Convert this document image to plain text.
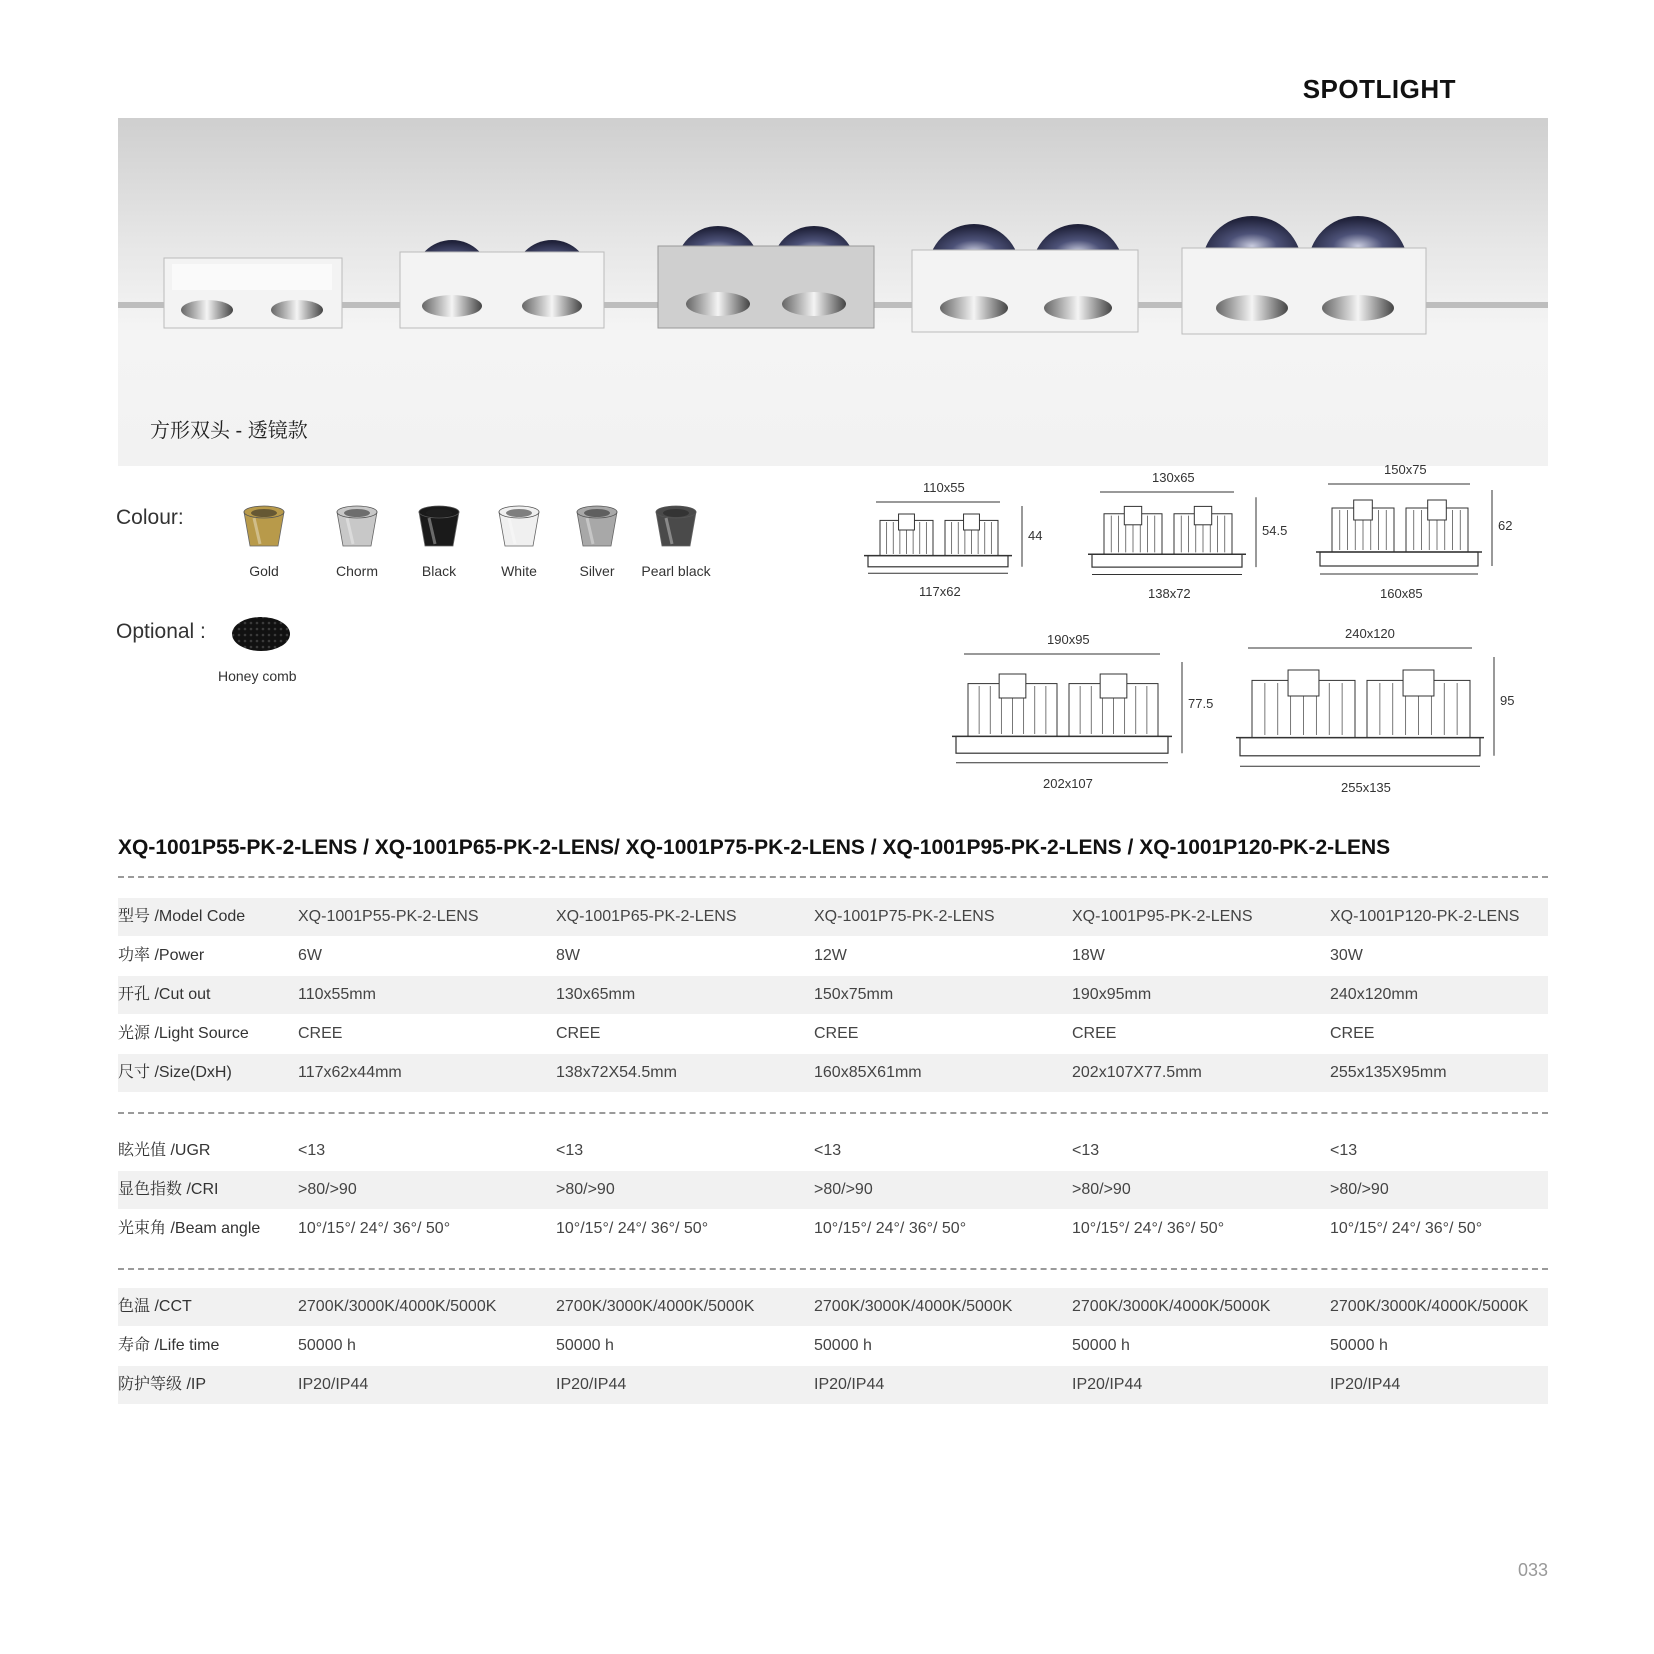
SPOTLIGHT
方形双头 - 透镜款
Colour:
Gold	Chorm	Black	White	Silver	Pearl black
Optional :
Honey comb
110x55
117x62
44
130x65
138x72
54.5
150x75
160x85
62
190x95
202x107
77.5
240x120
255x135
95
XQ-1001P55-PK-2-LENS / XQ-1001P65-PK-2-LENS/ XQ-1001P75-PK-2-LENS / XQ-1001P95-PK-2-LENS / XQ-1001P120-PK-2-LENS
型号 /Model Code	XQ-1001P55-PK-2-LENS	XQ-1001P65-PK-2-LENS	XQ-1001P75-PK-2-LENS	XQ-1001P95-PK-2-LENS	XQ-1001P120-PK-2-LENS
功率 /Power	6W	8W	12W	18W	30W
开孔 /Cut out	110x55mm	130x65mm	150x75mm	190x95mm	240x120mm
光源 /Light Source	CREE	CREE	CREE	CREE	CREE
尺寸 /Size(DxH)	117x62x44mm	138x72X54.5mm	160x85X61mm	202x107X77.5mm	255x135X95mm
眩光值 /UGR	<13	<13	<13	<13	<13
显色指数 /CRI	>80/>90	>80/>90	>80/>90	>80/>90	>80/>90
光束角 /Beam angle 10°/15°/ 24°/ 36°/ 50°	10°/15°/ 24°/ 36°/ 50°	10°/15°/ 24°/ 36°/ 50°	10°/15°/ 24°/ 36°/ 50°	10°/15°/ 24°/ 36°/ 50°
色温 /CCT	2700K/3000K/4000K/5000K	2700K/3000K/4000K/5000K	2700K/3000K/4000K/5000K	2700K/3000K/4000K/5000K	2700K/3000K/4000K/5000K
寿命 /Life time	50000 h	50000 h	50000 h	50000 h	50000 h
防护等级 /IP	IP20/IP44	IP20/IP44	IP20/IP44	IP20/IP44	IP20/IP44
033
